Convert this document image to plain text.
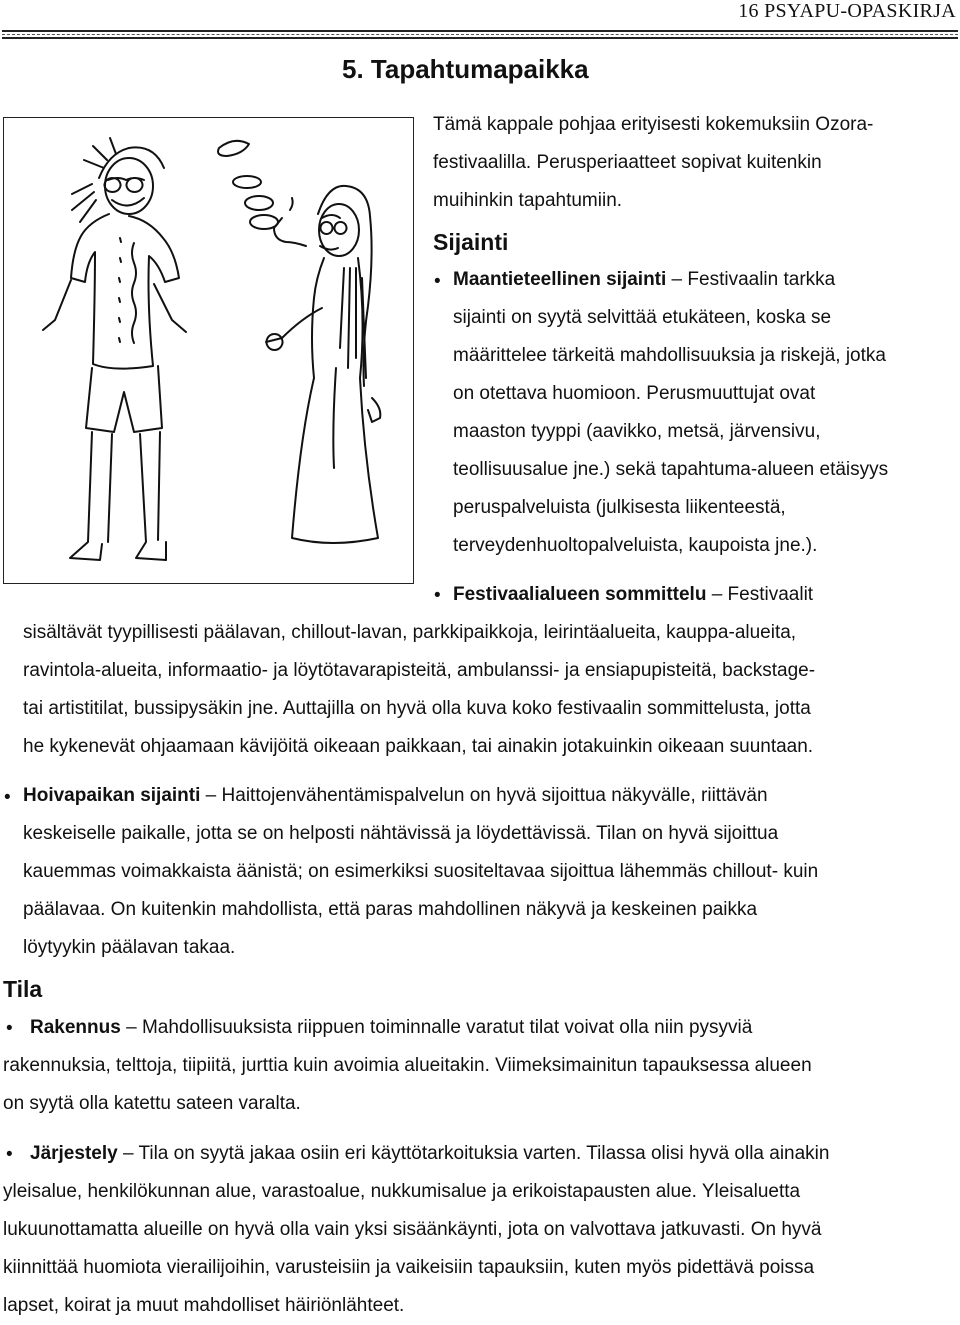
16 PSYAPU-OPASKIRJA
5. Tapahtumapaikka
Tämä kappale pohjaa erityisesti kokemuksiin Ozora-
festivaalilla. Perusperiaatteet sopivat kuitenkin
muihinkin tapahtumiin.
Sijainti
• Maantieteellinen sijainti – Festivaalin tarkka
sijainti on syytä selvittää etukäteen, koska se
määrittelee tärkeitä mahdollisuuksia ja riskejä, jotka
on otettava huomioon. Perusmuuttujat ovat
maaston tyyppi (aavikko, metsä, järvensivu,
teollisuusalue jne.) sekä tapahtuma-alueen etäisyys
peruspalveluista (julkisesta liikenteestä,
terveydenhuoltopalveluista, kaupoista jne.).
• Festivaalialueen sommittelu – Festivaalit
sisältävät tyypillisesti päälavan, chillout-lavan, parkkipaikkoja, leirintäalueita, kauppa-alueita,
ravintola-alueita, informaatio- ja löytötavarapisteitä, ambulanssi- ja ensiapupisteitä, backstage-
tai artistitilat, bussipysäkin jne. Auttajilla on hyvä olla kuva koko festivaalin sommittelusta, jotta
he kykenevät ohjaamaan kävijöitä oikeaan paikkaan, tai ainakin jotakuinkin oikeaan suuntaan.
• Hoivapaikan sijainti – Haittojenvähentämispalvelun on hyvä sijoittua näkyvälle, riittävän
keskeiselle paikalle, jotta se on helposti nähtävissä ja löydettävissä. Tilan on hyvä sijoittua
kauemmas voimakkaista äänistä; on esimerkiksi suositeltavaa sijoittua lähemmäs chillout- kuin
päälavaa. On kuitenkin mahdollista, että paras mahdollinen näkyvä ja keskeinen paikka
löytyykin päälavan takaa.
Tila
• Rakennus – Mahdollisuuksista riippuen toiminnalle varatut tilat voivat olla niin pysyviä
rakennuksia, telttoja, tiipiitä, jurttia kuin avoimia alueitakin. Viimeksimainitun tapauksessa alueen
on syytä olla katettu sateen varalta.
• Järjestely – Tila on syytä jakaa osiin eri käyttötarkoituksia varten. Tilassa olisi hyvä olla ainakin
yleisalue, henkilökunnan alue, varastoalue, nukkumisalue ja erikoistapausten alue. Yleisaluetta
lukuunottamatta alueille on hyvä olla vain yksi sisäänkäynti, jota on valvottava jatkuvasti. On hyvä
kiinnittää huomiota vierailijoihin, varusteisiin ja vaikeisiin tapauksiin, kuten myös pidettävä poissa
lapset, koirat ja muut mahdolliset häiriönlähteet.
